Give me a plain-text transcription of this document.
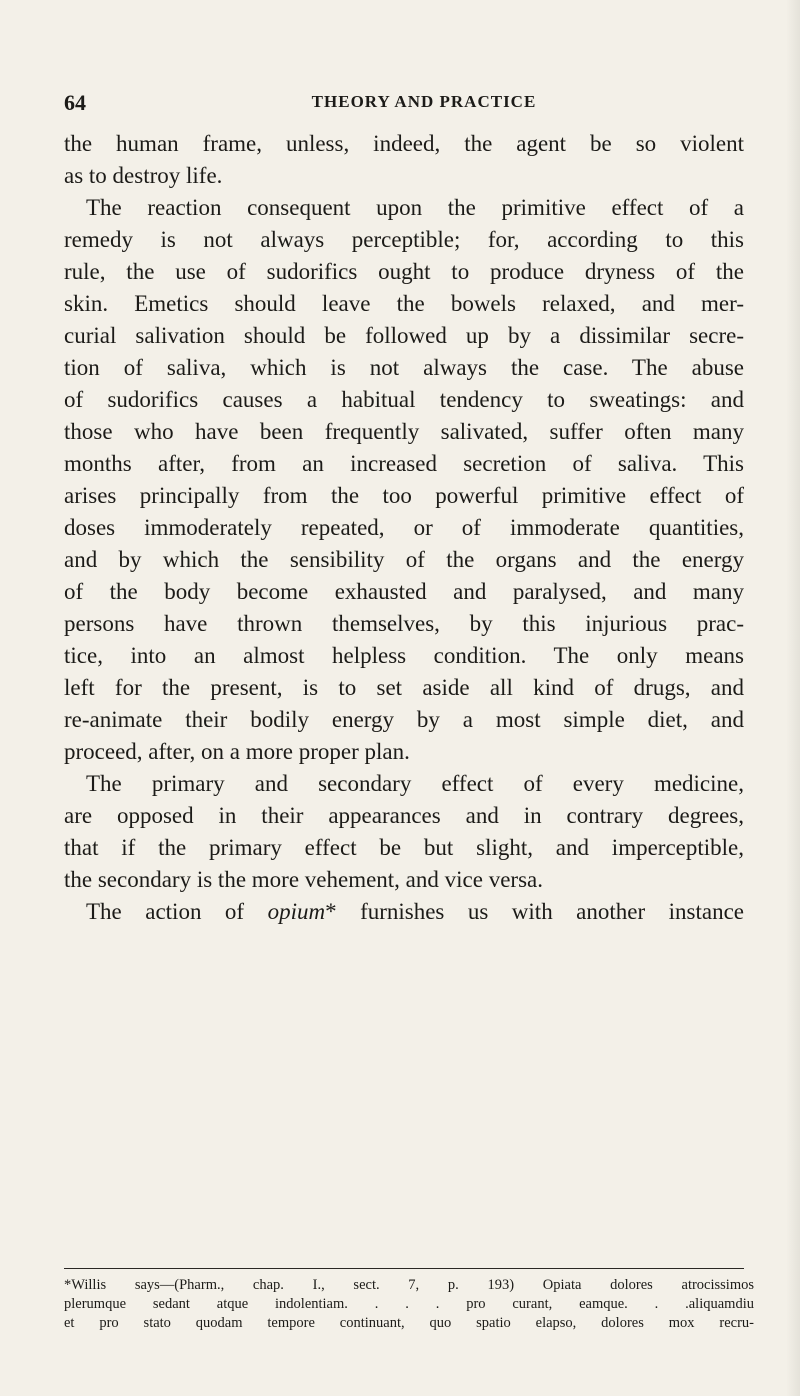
64	THEORY AND PRACTICE
the human frame, unless, indeed, the agent be so violent
as to destroy life.
The reaction consequent upon the primitive effect of a
remedy is not always perceptible; for, according to this
rule, the use of sudorifics ought to produce dryness of the
skin. Emetics should leave the bowels relaxed, and mer-
curial salivation should be followed up by a dissimilar secre-
tion of saliva, which is not always the case. The abuse
of sudorifics causes a habitual tendency to sweatings: and
those who have been frequently salivated, suffer often many
months after, from an increased secretion of saliva. This
arises principally from the too powerful primitive effect of
doses immoderately repeated, or of immoderate quantities,
and by which the sensibility of the organs and the energy
of the body become exhausted and paralysed, and many
persons have thrown themselves, by this injurious prac-
tice, into an almost helpless condition. The only means
left for the present, is to set aside all kind of drugs, and
re-animate their bodily energy by a most simple diet, and
proceed, after, on a more proper plan.
The primary and secondary effect of every medicine,
are opposed in their appearances and in contrary degrees,
that if the primary effect be but slight, and imperceptible,
the secondary is the more vehement, and vice versa.
The action of opium* furnishes us with another instance
*Willis says—(Pharm., chap. I., sect. 7, p. 193) Opiata dolores atrocissimos
plerumque sedant atque indolentiam. . . . pro curant, eamque. . .aliquamdiu
et pro stato quodam tempore continuant, quo spatio elapso, dolores mox recru-
